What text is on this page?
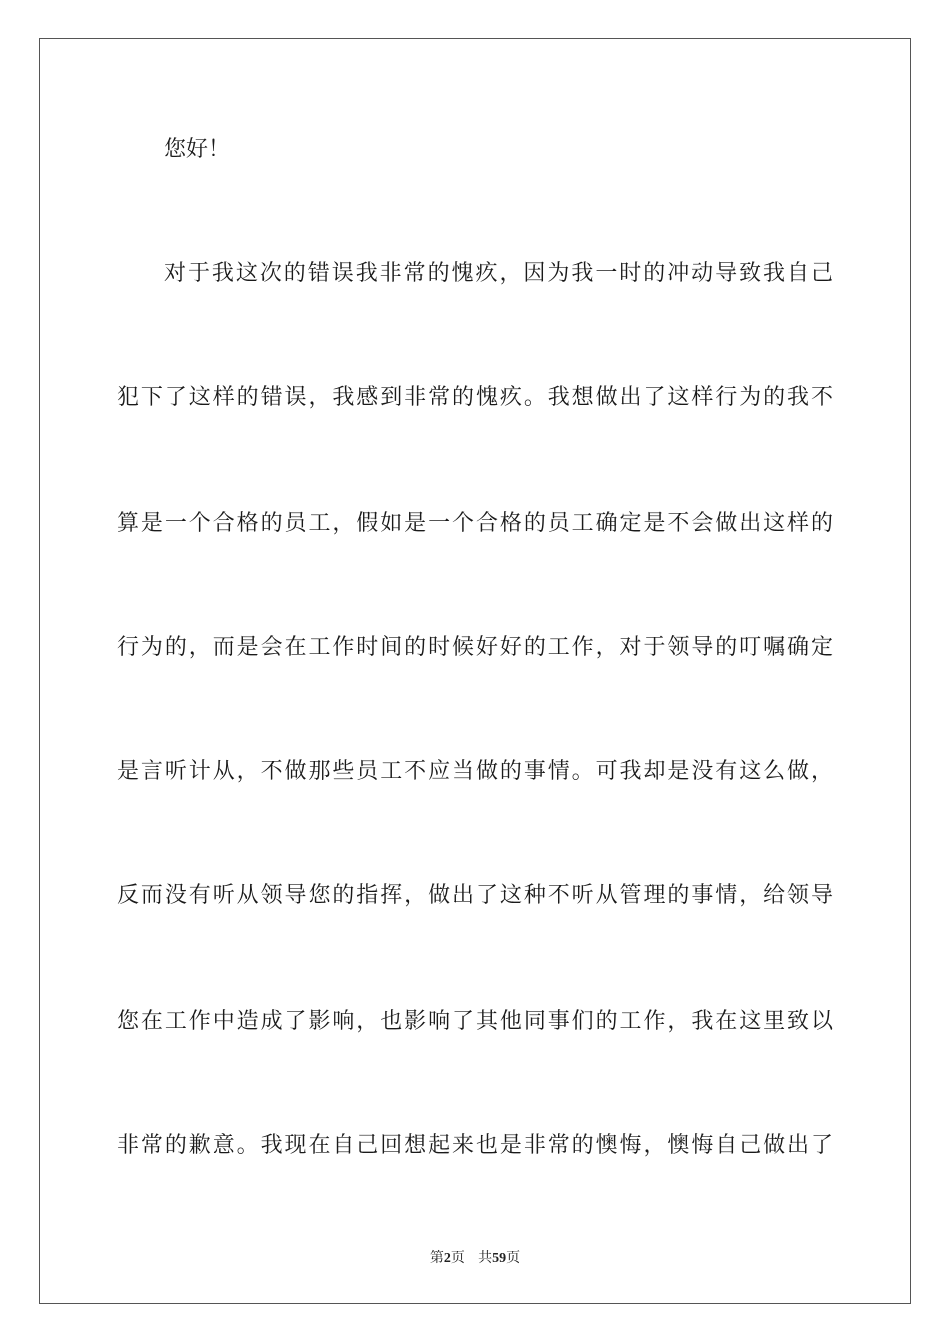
您好！
对于我这次的错误我非常的愧疚，因为我一时的冲动导致我自己
犯下了这样的错误，我感到非常的愧疚。我想做出了这样行为的我不
算是一个合格的员工，假如是一个合格的员工确定是不会做出这样的
行为的，而是会在工作时间的时候好好的工作，对于领导的叮嘱确定
是言听计从，不做那些员工不应当做的事情。可我却是没有这么做，
反而没有听从领导您的指挥，做出了这种不听从管理的事情，给领导
您在工作中造成了影响，也影响了其他同事们的工作，我在这里致以
非常的歉意。我现在自己回想起来也是非常的懊悔，懊悔自己做出了
第2页 共59页
